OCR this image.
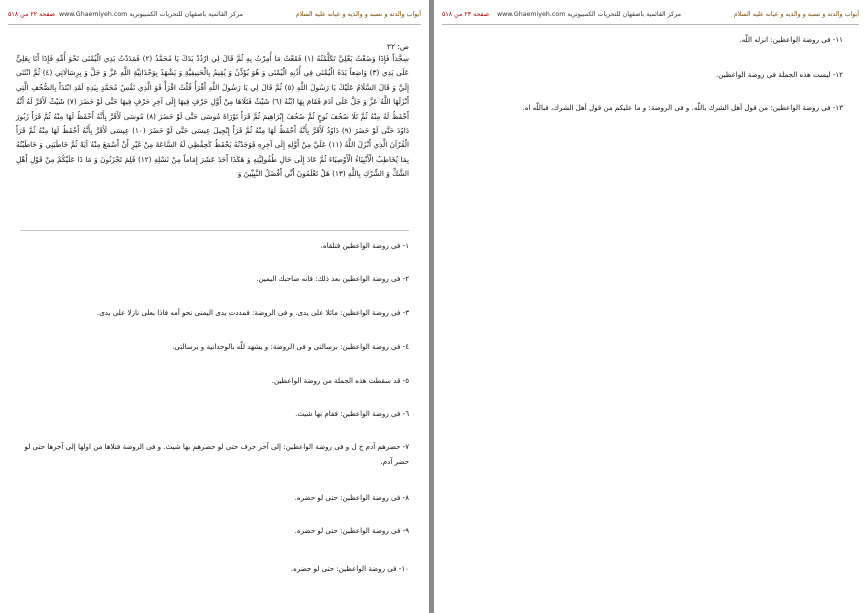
أبواب والدته و نسبه و والديه و عيانه عليه السلام
مرکز القائمية باصفهان للتحريات الكمبيوترية www.Ghaemiyeh.com
صفحة ٢٢ من ٥١٨
ص: ٢٢
سِجَّداً فَإِذَا وَضَعْتُ يَعْلِيَّ تَكَلَّمْتُهُ (١) فَقَعْتُ مَا أُمِرْتُ بِهِ ثُمَّ قَالَ لِي ارْدُدْ يَدَكَ يَا مُحَمَّدُ (٢) فَمَدَدْتُ يَدِي الْيُمْنَى نَحْوَ أُمِّهِ فَإِذَا أَنَا بِعَلِيٍّ عَلَى يَدِي (٣) وَاضِعاً يَدَهُ الْيُمْنَى فِي أُذُنِهِ الْيُمْنَى وَ هُوَ يُؤَذِّنُ وَ يُقِيمُ بِالْحَنِيفِيَّةِ وَ يَشْهَدُ بِوَحْدَانِيَّةِ اللَّهِ عَزَّ وَ جَلَّ وَ بِرِسَالَاتِي (٤) ثُمَّ انْثَنَى إِلَيَّ وَ قَالَ السَّلَامُ عَلَيْكَ يَا رَسُولَ اللَّهِ (٥) ثُمَّ قَالَ لِي يَا رَسُولَ اللَّهِ أَقْرَأُ قُلْتُ اقْرَأْ فَوَ الَّذِي نَفْسُ مُحَمَّدٍ بِيَدِهِ لَقَدِ ابْتَدَأَ بِالصُّحُفِ الَّتِي أَنْزَلَهَا اللَّهُ عَزَّ وَ جَلَّ عَلَى آدَمَ فَقَامَ بِهَا ابْنُهُ (٦) شَيْثٌ فَتَلَاهَا مِنْ أَوَّلِ حَرْفٍ فِيهَا إِلَى آخِرِ حَرْفٍ فِيهَا حَتَّى لَوْ حَضَرَ (٧) شَيْثٌ لَأَقَرَّ لَهُ أَنَّهُ أَحْفَظُ لَهُ مِنْهُ ثُمَّ تَلَا صُحُفَ نُوحٍ ثُمَّ صُحُفَ إِبْرَاهِيمَ ثُمَّ قَرَأَ تَوْرَاةَ مُوسَى حَتَّى لَوْ حَضَرَ (٨) مُوسَى لَأَقَرَّ بِأَنَّهُ أَحْفَظُ لَهَا مِنْهُ ثُمَّ قَرَأَ زَبُورَ دَاوُدَ حَتَّى لَوْ حَضَرَ (٩) دَاوُدُ لَأَقَرَّ بِأَنَّهُ أَحْفَظُ لَهَا مِنْهُ ثُمَّ قَرَأَ إِنْجِيلَ عِيسَى حَتَّى لَوْ حَضَرَ (١٠) عِيسَى لَأَقَرَّ بِأَنَّهُ أَحْفَظُ لَهَا مِنْهُ ثُمَّ قَرَأَ الْقُرْآنَ الَّذِي أَنْزَلَ اللَّهُ (١١) عَلَيَّ مِنْ أَوَّلِهِ إِلَى آخِرِهِ فَوَجَدْتُهُ يَحْفَظُ كَحِفْظِي لَهُ السَّاعَةَ مِنْ غَيْرِ أَنْ أَسْمَعَ مِنْهُ آيَةً ثُمَّ خَاطَبَنِي وَ خَاطَبْتُهُ بِمَا يُخَاطِبُ الْأَنْبِيَاءُ الْأَوْصِيَاءَ ثُمَّ عَادَ إِلَى حَالِ طُفُولِيَّتِهِ وَ هَكَذَا أَحَدَ عَشَرَ إِمَاماً مِنْ نَسْلِهِ (١٢) فَلِمَ تَحْزَنُونَ وَ مَا ذَا عَلَيْكُمْ مِنْ قَوْلِ أَهْلِ الشَّكِّ وَ الشِّرْكِ بِاللَّهِ (١٣) هَلْ تَعْلَمُونَ أَنِّي أَفْضَلُ النَّبِيِّينَ وَ
١- فى روضة الواعظين فتلقاه.
٢- فى روضة الواعظين بعد ذلك: فانه صاحبك اليمين.
٣- فى روضة الواعظين: مائلا على يدى. و فى الروضة: فمددت يدى اليمنى نحو أمه فاذا بعلى نازلا على يدى.
٤- فى روضة الواعظين: برسالتى و فى الروضة: و يشهد للّه بالوحدانية و برسالتى.
٥- قد سقطت هذه الجملة من روضة الواعظين.
٦- فى روضة الواعظين: فقام بها شيث.
٧- حضرهم آدم خ ل و فى روضة الواعظين: إلى آخر حرف حتى لو حضرهم بها شيث. و فى الروضة فتلاها من اولها إلى آخرها حتى لو حضر آدم.
٨- فى روضة الواعظين: حتى لو حضره.
٩- فى روضة الواعظين: حتى لو حضره.
١٠- فى روضة الواعظين: حتى لو حضره.
أبواب والدته و نسبه و والديه و عيانه عليه السلام
مرکز القائمية باصفهان للتحريات الكمبيوترية www.Ghaemiyeh.com
صفحة ٢٣ من ٥١٨
١١- فى روضة الواعظين: انزله اللّه.
١٢- ليست هذه الجملة فى روضة الواعظين.
١٣- فى روضة الواعظين: من قول أهل الشرك باللّه. و فى الروضة: و ما عليكم من قول أهل الشرك، فباللّه اه.
